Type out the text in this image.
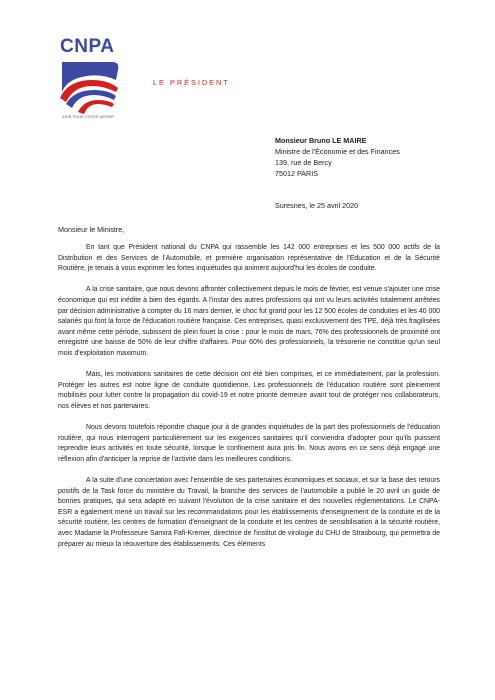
CNPA
AGIR POUR VOTRE AVENIR
LE PRÉSIDENT
Monsieur Bruno LE MAIRE
Ministre de l'Économie et des Finances
139, rue de Bercy
75012 PARIS
Suresnes, le 25 avril 2020
Monsieur le Ministre,

En tant que Président national du CNPA qui rassemble les 142 000 entreprises et les 500 000 actifs de la Distribution et des Services de l'Automobile, et première organisation représentative de l'Education et de la Sécurité Routière, je tenais à vous exprimer les fortes inquiétudes qui animent aujourd'hui les écoles de conduite.

A la crise sanitaire, que nous devons affronter collectivement depuis le mois de février, est venue s'ajouter une crise économique qui est inédite à bien des égards. A l'instar des autres professions qui ont vu leurs activités totalement arrêtées par décision administrative à compter du 16 mars dernier, le choc fut grand pour les 12 500 écoles de conduites et les 40 000 salariés qui font la force de l'éducation routière française. Ces entreprises, quasi exclusivement des TPE, déjà très fragilisées avant même cette période, subissent de plein fouet la crise : pour le mois de mars, 76% des professionnels de proximité ont enregistré une baisse de 50% de leur chiffre d'affaires. Pour 60% des professionnels, la trésorerie ne constitue qu'un seul mois d'exploitation maximum.

Mais, les motivations sanitaires de cette décision ont été bien comprises, et ce immédiatement, par la profession. Protéger les autres est notre ligne de conduite quotidienne. Les professionnels de l'éducation routière sont pleinement mobilisés pour lutter contre la propagation du covid-19 et notre priorité demeure avant tout de protéger nos collaborateurs, nos élèves et nos partenaires.

Nous devons toutefois répondre chaque jour à de grandes inquiétudes de la part des professionnels de l'éducation routière, qui nous interrogent particulièrement sur les exigences sanitaires qu'il conviendra d'adopter pour qu'ils puissent reprendre leurs activités en toute sécurité, lorsque le confinement aura pris fin. Nous avons en ce sens déjà engagé une réflexion afin d'anticiper la reprise de l'activité dans les meilleures conditions.

A la suite d'une concertation avec l'ensemble de ses partenaires économiques et sociaux, et sur la base des retours positifs de la Task force du ministère du Travail, la branche des services de l'automobile a publié le 20 avril un guide de bonnes pratiques, qui sera adapté en suivant l'évolution de la crise sanitaire et des nouvelles réglementations. Le CNPA-ESR a également mené un travail sur les recommandations pour les établissements d'enseignement de la conduite et de la sécurité routière, les centres de formation d'enseignant de la conduite et les centres de sensibilisation à la sécurité routière, avec Madame la Professeure Samira Fafi-Kremer, directrice de l'institut de virologie du CHU de Strasbourg, qui permettra de préparer au mieux la réouverture des établissements. Ces éléments
